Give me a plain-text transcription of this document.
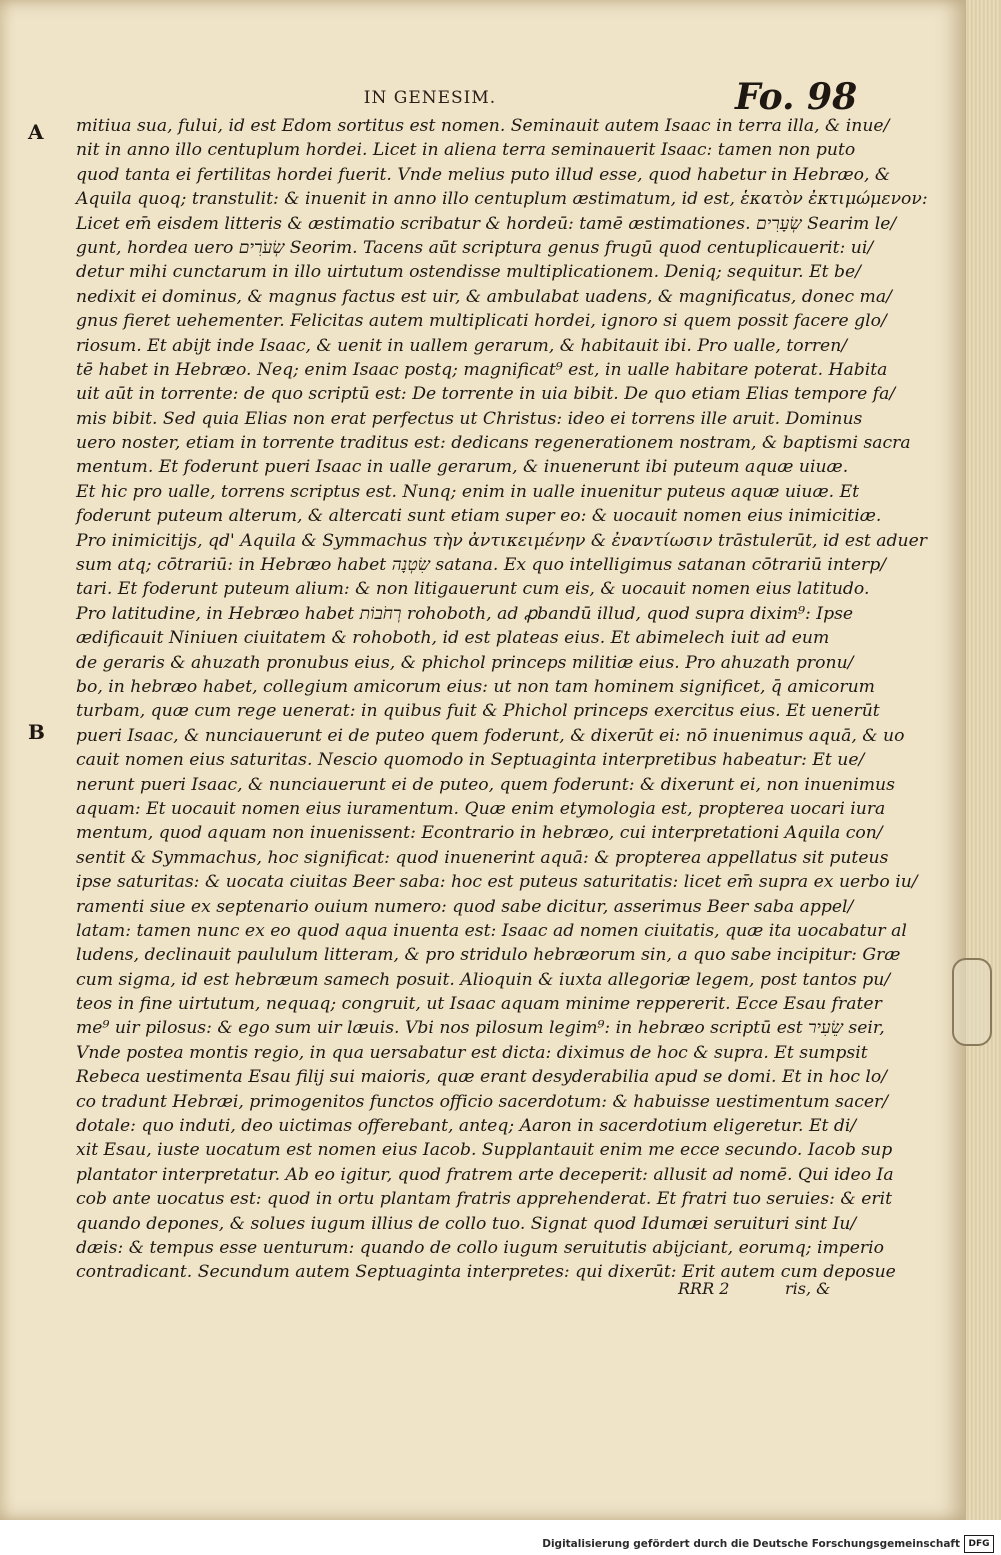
IN GENESIM.	Fo. 98
A
B
mitiua sua, fului, id est Edom sortitus est nomen. Seminauit autem Isaac in terra illa, & inue/
nit in anno illo centuplum hordei. Licet in aliena terra seminauerit Isaac: tamen non puto
quod tanta ei fertilitas hordei fuerit. Vnde melius puto illud esse, quod habetur in Hebræo, &
Aquila quoq; transtulit: & inuenit in anno illo centuplum æstimatum, id est, ἑκατὸν ἐκτιμώμενον:
Licet em̄ eisdem litteris & æstimatio scribatur & hordeū: tamē æstimationes. שְׂעָרִים Searim le/
gunt, hordea uero שְׂעֹרִים Seorim. Tacens aūt scriptura genus frugū quod centuplicauerit: ui/
detur mihi cunctarum in illo uirtutum ostendisse multiplicationem. Deniq; sequitur. Et be/
nedixit ei dominus, & magnus factus est uir, & ambulabat uadens, & magnificatus, donec ma/
gnus fieret uehementer. Felicitas autem multiplicati hordei, ignoro si quem possit facere glo/
riosum. Et abijt inde Isaac, & uenit in uallem gerarum, & habitauit ibi. Pro ualle, torren/
tē habet in Hebræo. Neq; enim Isaac postq; magnificat⁹ est, in ualle habitare poterat. Habita
uit aūt in torrente: de quo scriptū est: De torrente in uia bibit. De quo etiam Elias tempore fa/
mis bibit. Sed quia Elias non erat perfectus ut Christus: ideo ei torrens ille aruit. Dominus
uero noster, etiam in torrente traditus est: dedicans regenerationem nostram, & baptismi sacra
mentum. Et foderunt pueri Isaac in ualle gerarum, & inuenerunt ibi puteum aquæ uiuæ.
Et hic pro ualle, torrens scriptus est. Nunq; enim in ualle inuenitur puteus aquæ uiuæ. Et
foderunt puteum alterum, & altercati sunt etiam super eo: & uocauit nomen eius inimicitiæ.
Pro inimicitijs, qd' Aquila & Symmachus τὴν ἀντικειμένην & ἐναντίωσιν trāstulerūt, id est aduer
sum atq; cōtrariū: in Hebræo habet שִׂטְנָה satana. Ex quo intelligimus satanan cōtrariū interp/
tari. Et foderunt puteum alium: & non litigauerunt cum eis, & uocauit nomen eius latitudo.
Pro latitudine, in Hebræo habet רְחֹבוֹת rohoboth, ad ꝓbandū illud, quod supra dixim⁹: Ipse
ædificauit Niniuen ciuitatem & rohoboth, id est plateas eius. Et abimelech iuit ad eum
de geraris & ahuzath pronubus eius, & phichol princeps militiæ eius. Pro ahuzath pronu/
bo, in hebræo habet, collegium amicorum eius: ut non tam hominem significet, q̄ amicorum
turbam, quæ cum rege uenerat: in quibus fuit & Phichol princeps exercitus eius. Et uenerūt
pueri Isaac, & nunciauerunt ei de puteo quem foderunt, & dixerūt ei: nō inuenimus aquā, & uo
cauit nomen eius saturitas. Nescio quomodo in Septuaginta interpretibus habeatur: Et ue/
nerunt pueri Isaac, & nunciauerunt ei de puteo, quem foderunt: & dixerunt ei, non inuenimus
aquam: Et uocauit nomen eius iuramentum. Quæ enim etymologia est, propterea uocari iura
mentum, quod aquam non inuenissent: Econtrario in hebræo, cui interpretationi Aquila con/
sentit & Symmachus, hoc significat: quod inuenerint aquā: & propterea appellatus sit puteus
ipse saturitas: & uocata ciuitas Beer saba: hoc est puteus saturitatis: licet em̄ supra ex uerbo iu/
ramenti siue ex septenario ouium numero: quod sabe dicitur, asserimus Beer saba appel/
latam: tamen nunc ex eo quod aqua inuenta est: Isaac ad nomen ciuitatis, quæ ita uocabatur al
ludens, declinauit paululum litteram, & pro stridulo hebræorum sin, a quo sabe incipitur: Græ
cum sigma, id est hebræum samech posuit. Alioquin & iuxta allegoriæ legem, post tantos pu/
teos in fine uirtutum, nequaq; congruit, ut Isaac aquam minime reppererit. Ecce Esau frater
me⁹ uir pilosus: & ego sum uir læuis. Vbi nos pilosum legim⁹: in hebræo scriptū est שֵׂעִיר seir,
Vnde postea montis regio, in qua uersabatur est dicta: diximus de hoc & supra. Et sumpsit
Rebeca uestimenta Esau filij sui maioris, quæ erant desyderabilia apud se domi. Et in hoc lo/
co tradunt Hebræi, primogenitos functos officio sacerdotum: & habuisse uestimentum sacer/
dotale: quo induti, deo uictimas offerebant, anteq; Aaron in sacerdotium eligeretur. Et di/
xit Esau, iuste uocatum est nomen eius Iacob. Supplantauit enim me ecce secundo. Iacob sup
plantator interpretatur. Ab eo igitur, quod fratrem arte deceperit: allusit ad nomē. Qui ideo Ia
cob ante uocatus est: quod in ortu plantam fratris apprehenderat. Et fratri tuo seruies: & erit
quando depones, & solues iugum illius de collo tuo. Signat quod Idumæi seruituri sint Iu/
dæis: & tempus esse uenturum: quando de collo iugum seruitutis abijciant, eorumq; imperio
contradicant. Secundum autem Septuaginta interpretes: qui dixerūt: Erit autem cum deposue
RRR 2	ris, &
Digitalisierung gefördert durch die Deutsche Forschungsgemeinschaft DFG
